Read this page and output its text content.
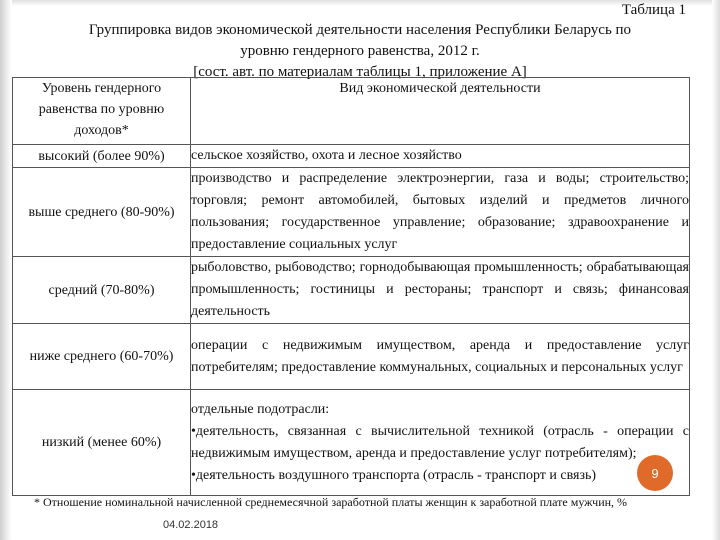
Таблица 1
Группировка видов экономической деятельности населения Республики Беларусь по
уровню гендерного равенства, 2012 г.
[сост. авт. по материалам таблицы 1, приложение А]
Уровень гендерного равенства по уровню доходов*	Вид экономической деятельности
высокий (более 90%)	сельское хозяйство, охота и лесное хозяйство
выше среднего (80-90%)	производство и распределение электроэнергии, газа и воды; строительство; торговля; ремонт автомобилей, бытовых изделий и предметов личного пользования; государственное управление; образование; здравоохранение и предоставление социальных услуг
средний (70-80%)	рыболовство, рыбоводство; горнодобывающая промышленность; обрабатывающая промышленность; гостиницы и рестораны; транспорт и связь; финансовая деятельность
ниже среднего (60-70%)	операции с недвижимым имуществом, аренда и предоставление услуг потребителям; предоставление коммунальных, социальных и персональных услуг
низкий (менее 60%)	отдельные подотрасли:
•деятельность, связанная с вычислительной техникой (отрасль - операции с недвижимым имуществом, аренда и предоставление услуг потребителям);
•деятельность воздушного транспорта (отрасль - транспорт и связь)	9
* Отношение номинальной начисленной среднемесячной заработной платы женщин к заработной плате мужчин, %
04.02.2018
